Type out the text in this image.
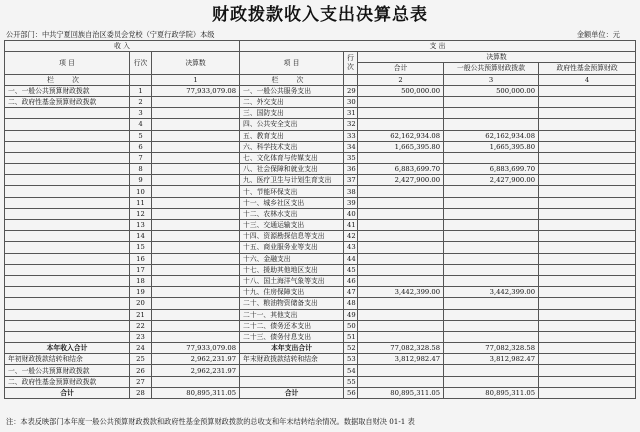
财政拨款收入支出决算总表
公开部门：中共宁夏回族自治区委员会党校（宁夏行政学院）本级	金额单位：元
收 入			支 出				
项 目	行次	决算数	项 目	行次	决算数		
					合计	一般公共预算财政拨款	政府性基金预算财政
栏 次		1	栏 次		2	3	4
一、一般公共预算财政拨款	1	77,933,079.08	一、一般公共服务支出	29	500,000.00	500,000.00	
二、政府性基金预算财政拨款	2		二、外交支出	30			
	3		三、国防支出	31			
	4		四、公共安全支出	32			
	5		五、教育支出	33	62,162,934.08	62,162,934.08	
	6		六、科学技术支出	34	1,665,395.80	1,665,395.80	
	7		七、文化体育与传媒支出	35			
	8		八、社会保障和就业支出	36	6,883,699.70	6,883,699.70	
	9		九、医疗卫生与计划生育支出	37	2,427,900.00	2,427,900.00	
	10		十、节能环保支出	38			
	11		十一、城乡社区支出	39			
	12		十二、农林水支出	40			
	13		十三、交通运输支出	41			
	14		十四、资源勘探信息等支出	42			
	15		十五、商业服务业等支出	43			
	16		十六、金融支出	44			
	17		十七、援助其他地区支出	45			
	18		十八、国土海洋气象等支出	46			
	19		十九、住房保障支出	47	3,442,399.00	3,442,399.00	
	20		二十、粮油物资储备支出	48			
	21		二十一、其他支出	49			
	22		二十二、债务还本支出	50			
	23		二十三、债务付息支出	51			
本年收入合计	24	77,933,079.08	本年支出合计	52	77,082,328.58	77,082,328.58	
年初财政拨款结转和结余	25	2,962,231.97	年末财政拨款结转和结余	53	3,812,982.47	3,812,982.47	
一、一般公共预算财政拨款	26	2,962,231.97		54			
二、政府性基金预算财政拨款	27			55			
合计	28	80,895,311.05	合计	56	80,895,311.05	80,895,311.05	
注：本表反映部门本年度一般公共预算财政拨款和政府性基金预算财政拨款的总收支和年末结转结余情况。数据取自财决 01-1 表
